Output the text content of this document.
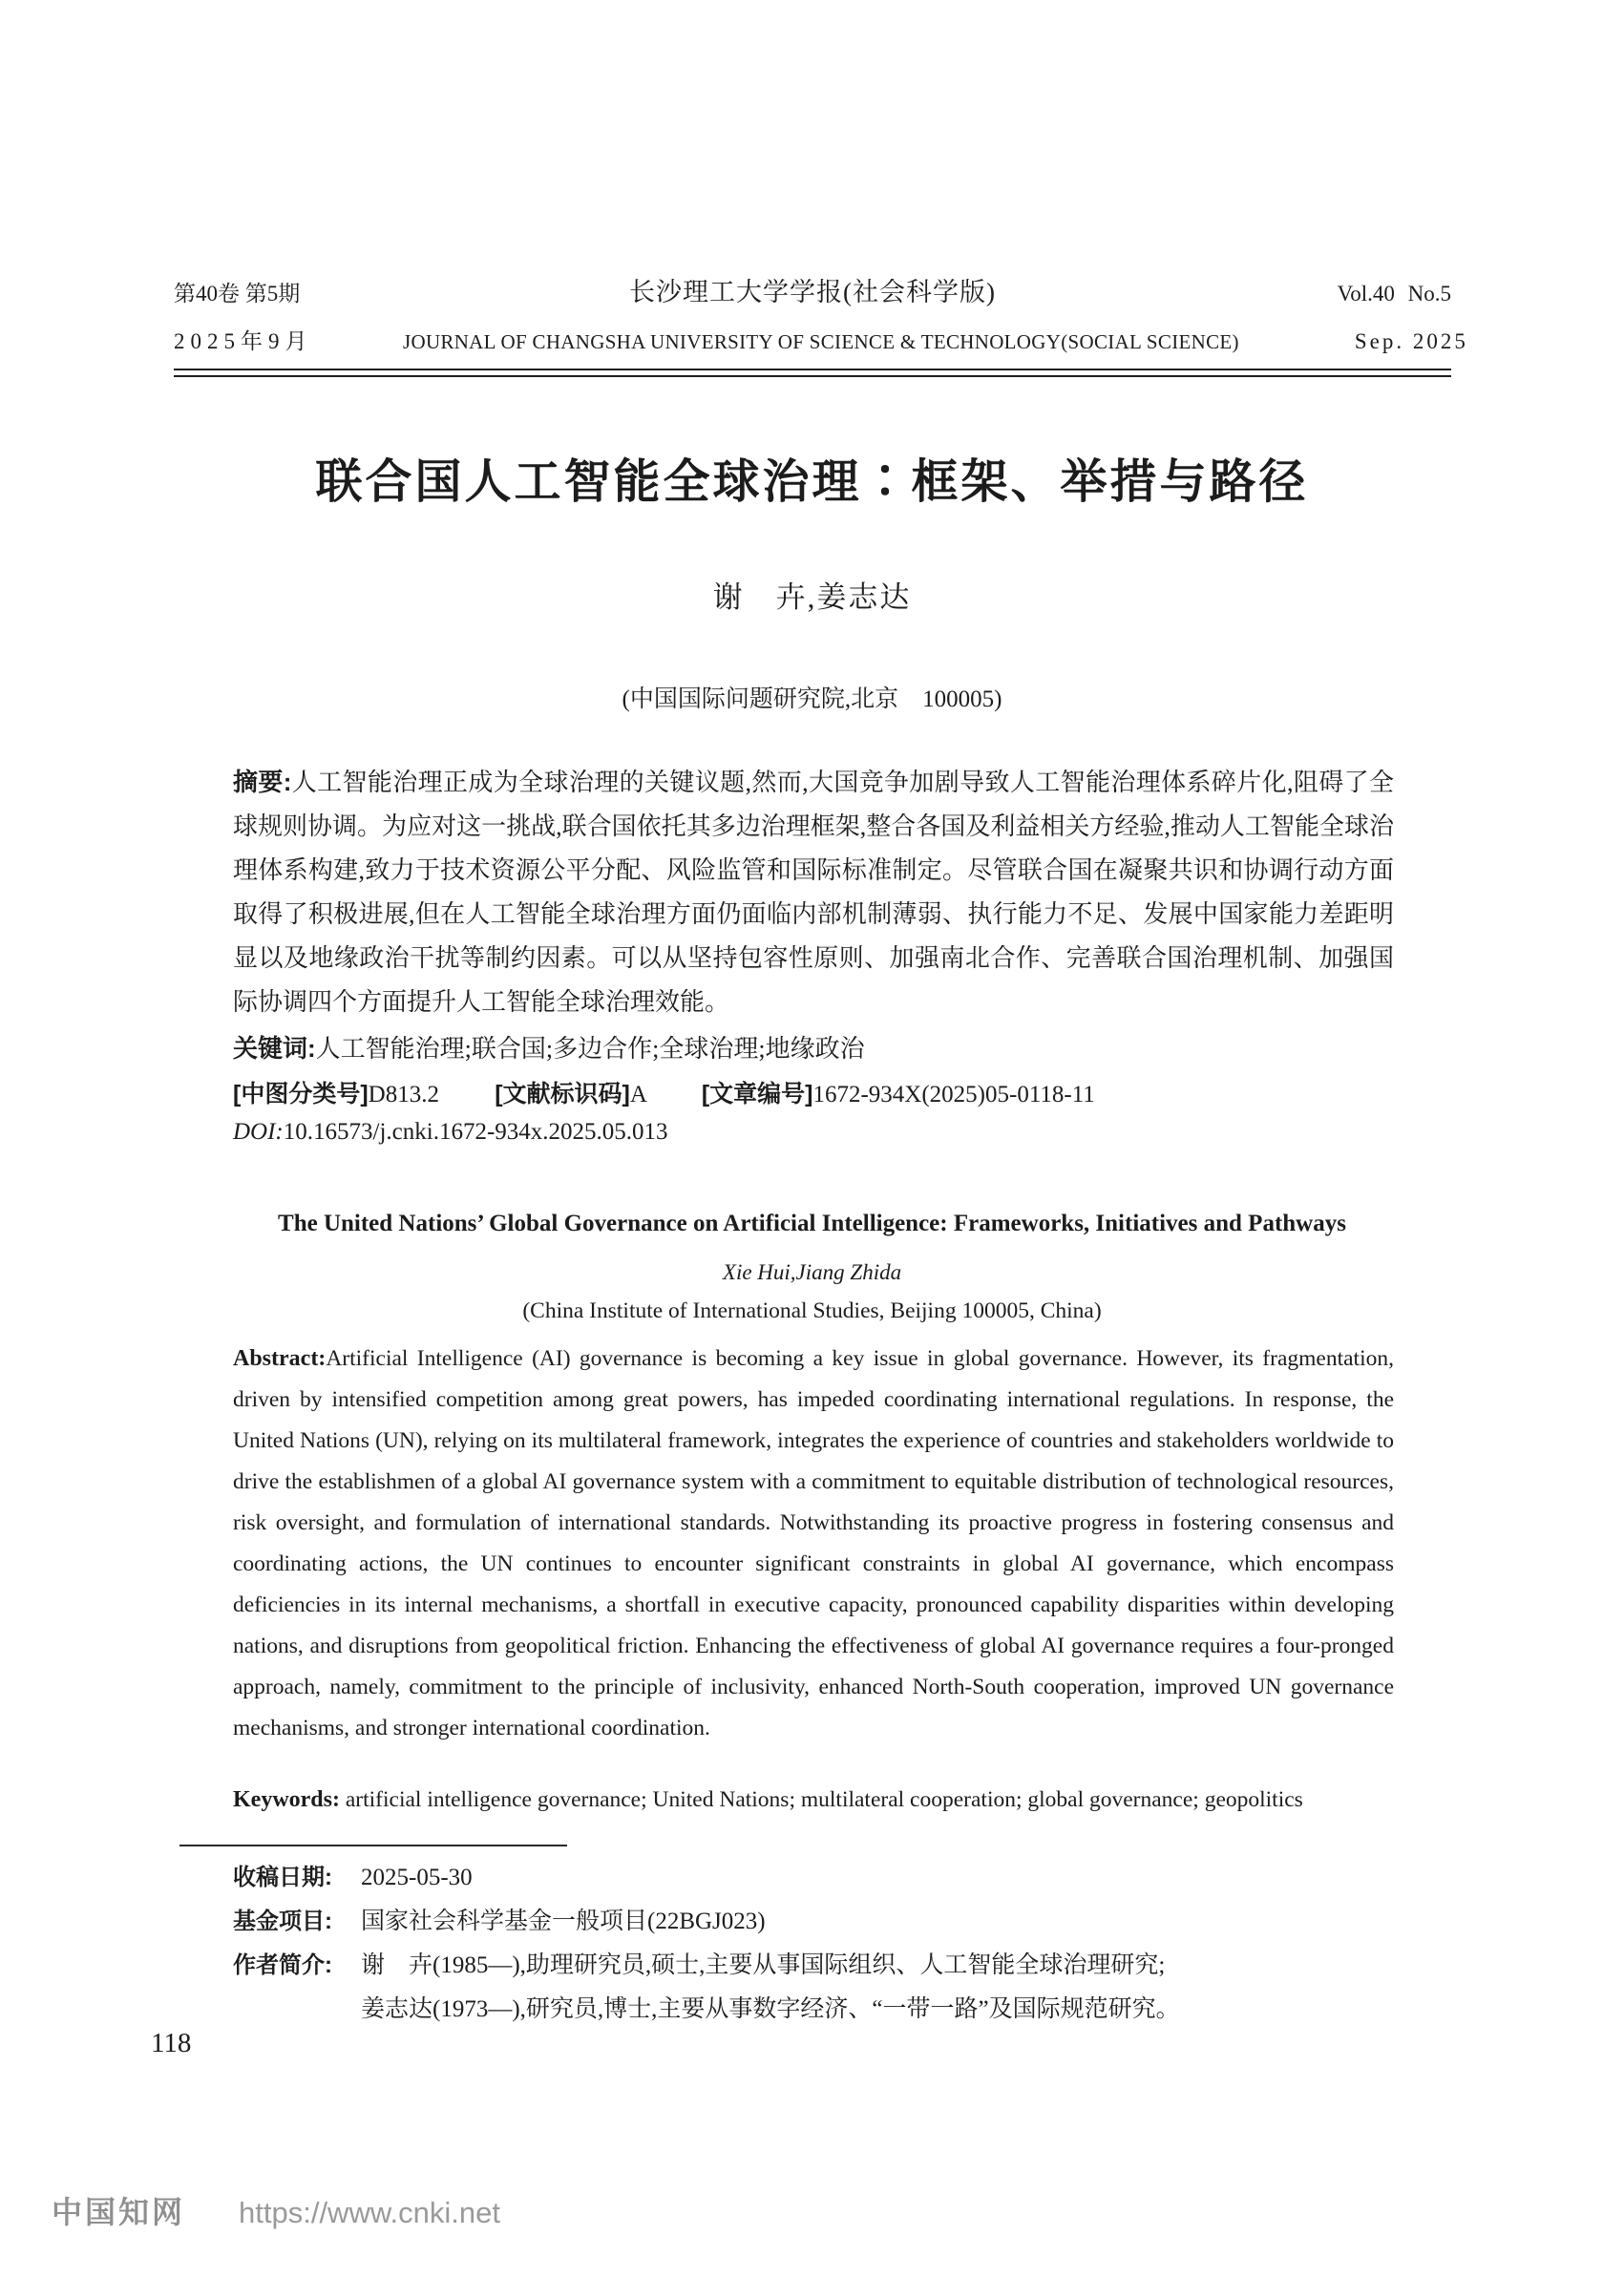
第40卷 第5期	长沙理工大学学报(社会科学版)	Vol.40 No.5
2025年9月	JOURNAL OF CHANGSHA UNIVERSITY OF SCIENCE & TECHNOLOGY(SOCIAL SCIENCE)	Sep. 2025
联合国人工智能全球治理∶框架、举措与路径
谢　卉,姜志达
(中国国际问题研究院,北京　100005)

摘要:人工智能治理正成为全球治理的关键议题,然而,大国竞争加剧导致人工智能治理体系碎片化,阻碍了全球规则协调。为应对这一挑战,联合国依托其多边治理框架,整合各国及利益相关方经验,推动人工智能全球治理体系构建,致力于技术资源公平分配、风险监管和国际标准制定。尽管联合国在凝聚共识和协调行动方面取得了积极进展,但在人工智能全球治理方面仍面临内部机制薄弱、执行能力不足、发展中国家能力差距明显以及地缘政治干扰等制约因素。可以从坚持包容性原则、加强南北合作、完善联合国治理机制、加强国际协调四个方面提升人工智能全球治理效能。

关键词:人工智能治理;联合国;多边合作;全球治理;地缘政治
[中图分类号]D813.2 [文献标识码]A [文章编号]1672-934X(2025)05-0118-11
DOI:10.16573/j.cnki.1672-934x.2025.05.013
The United Nations’ Global Governance on Artificial Intelligence: Frameworks, Initiatives and Pathways
Xie Hui,Jiang Zhida
(China Institute of International Studies, Beijing 100005, China)

Abstract:Artificial Intelligence (AI) governance is becoming a key issue in global governance. However, its fragmentation, driven by intensified competition among great powers, has impeded coordinating international regulations. In response, the United Nations (UN), relying on its multilateral framework, integrates the experience of countries and stakeholders worldwide to drive the establishmen of a global AI governance system with a commitment to equitable distribution of technological resources, risk oversight, and formulation of international standards. Notwithstanding its proactive progress in fostering consensus and coordinating actions, the UN continues to encounter significant constraints in global AI governance, which encompass deficiencies in its internal mechanisms, a shortfall in executive capacity, pronounced capability disparities within developing nations, and disruptions from geopolitical friction. Enhancing the effectiveness of global AI governance requires a four-pronged approach, namely, commitment to the principle of inclusivity, enhanced North-South cooperation, improved UN governance mechanisms, and stronger international coordination.

Keywords: artificial intelligence governance; United Nations; multilateral cooperation; global governance; geopolitics
收稿日期: 2025-05-30
基金项目: 国家社会科学基金一般项目(22BGJ023)
作者简介: 谢　卉(1985—),助理研究员,硕士,主要从事国际组织、人工智能全球治理研究;
姜志达(1973—),研究员,博士,主要从事数字经济、“一带一路”及国际规范研究。
118
中国知网 https://www.cnki.net
